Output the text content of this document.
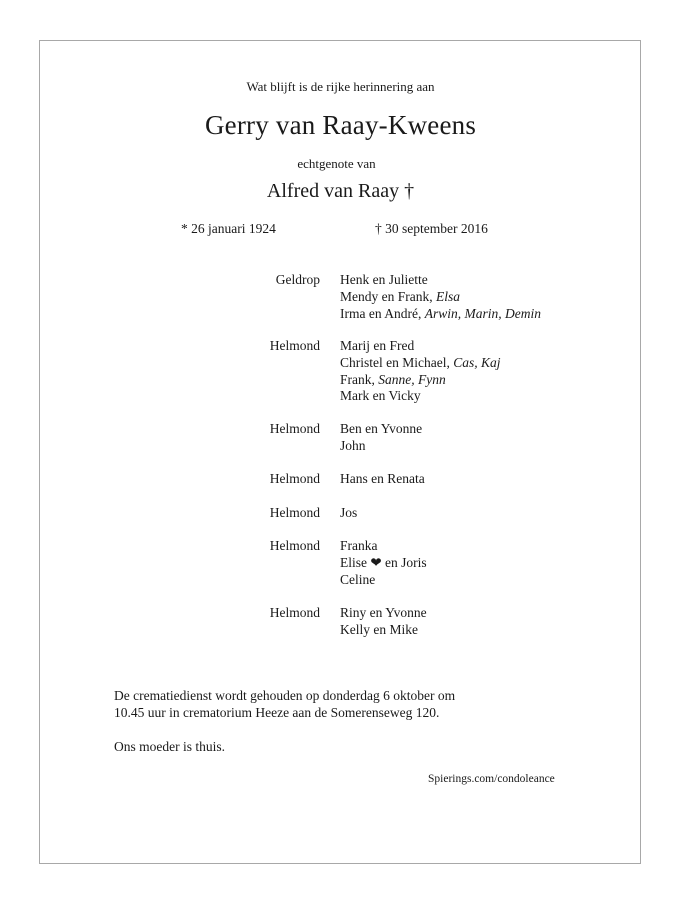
Wat blijft is de rijke herinnering aan
Gerry van Raay-Kweens
echtgenote van
Alfred van Raay †
* 26 januari 1924	† 30 september 2016
Geldrop Henk en Juliette
Mendy en Frank, Elsa
Irma en André, Arwin, Marin, Demin
Helmond Marij en Fred
Christel en Michael, Cas, Kaj
Frank, Sanne, Fynn
Mark en Vicky
Helmond Ben en Yvonne
John
Helmond Hans en Renata
Helmond Jos
Helmond Franka
Elise ❤ en Joris
Celine
Helmond Riny en Yvonne
Kelly en Mike
De crematiedienst wordt gehouden op donderdag 6 oktober om
10.45 uur in crematorium Heeze aan de Somerenseweg 120.
Ons moeder is thuis.
Spierings.com/condoleance
